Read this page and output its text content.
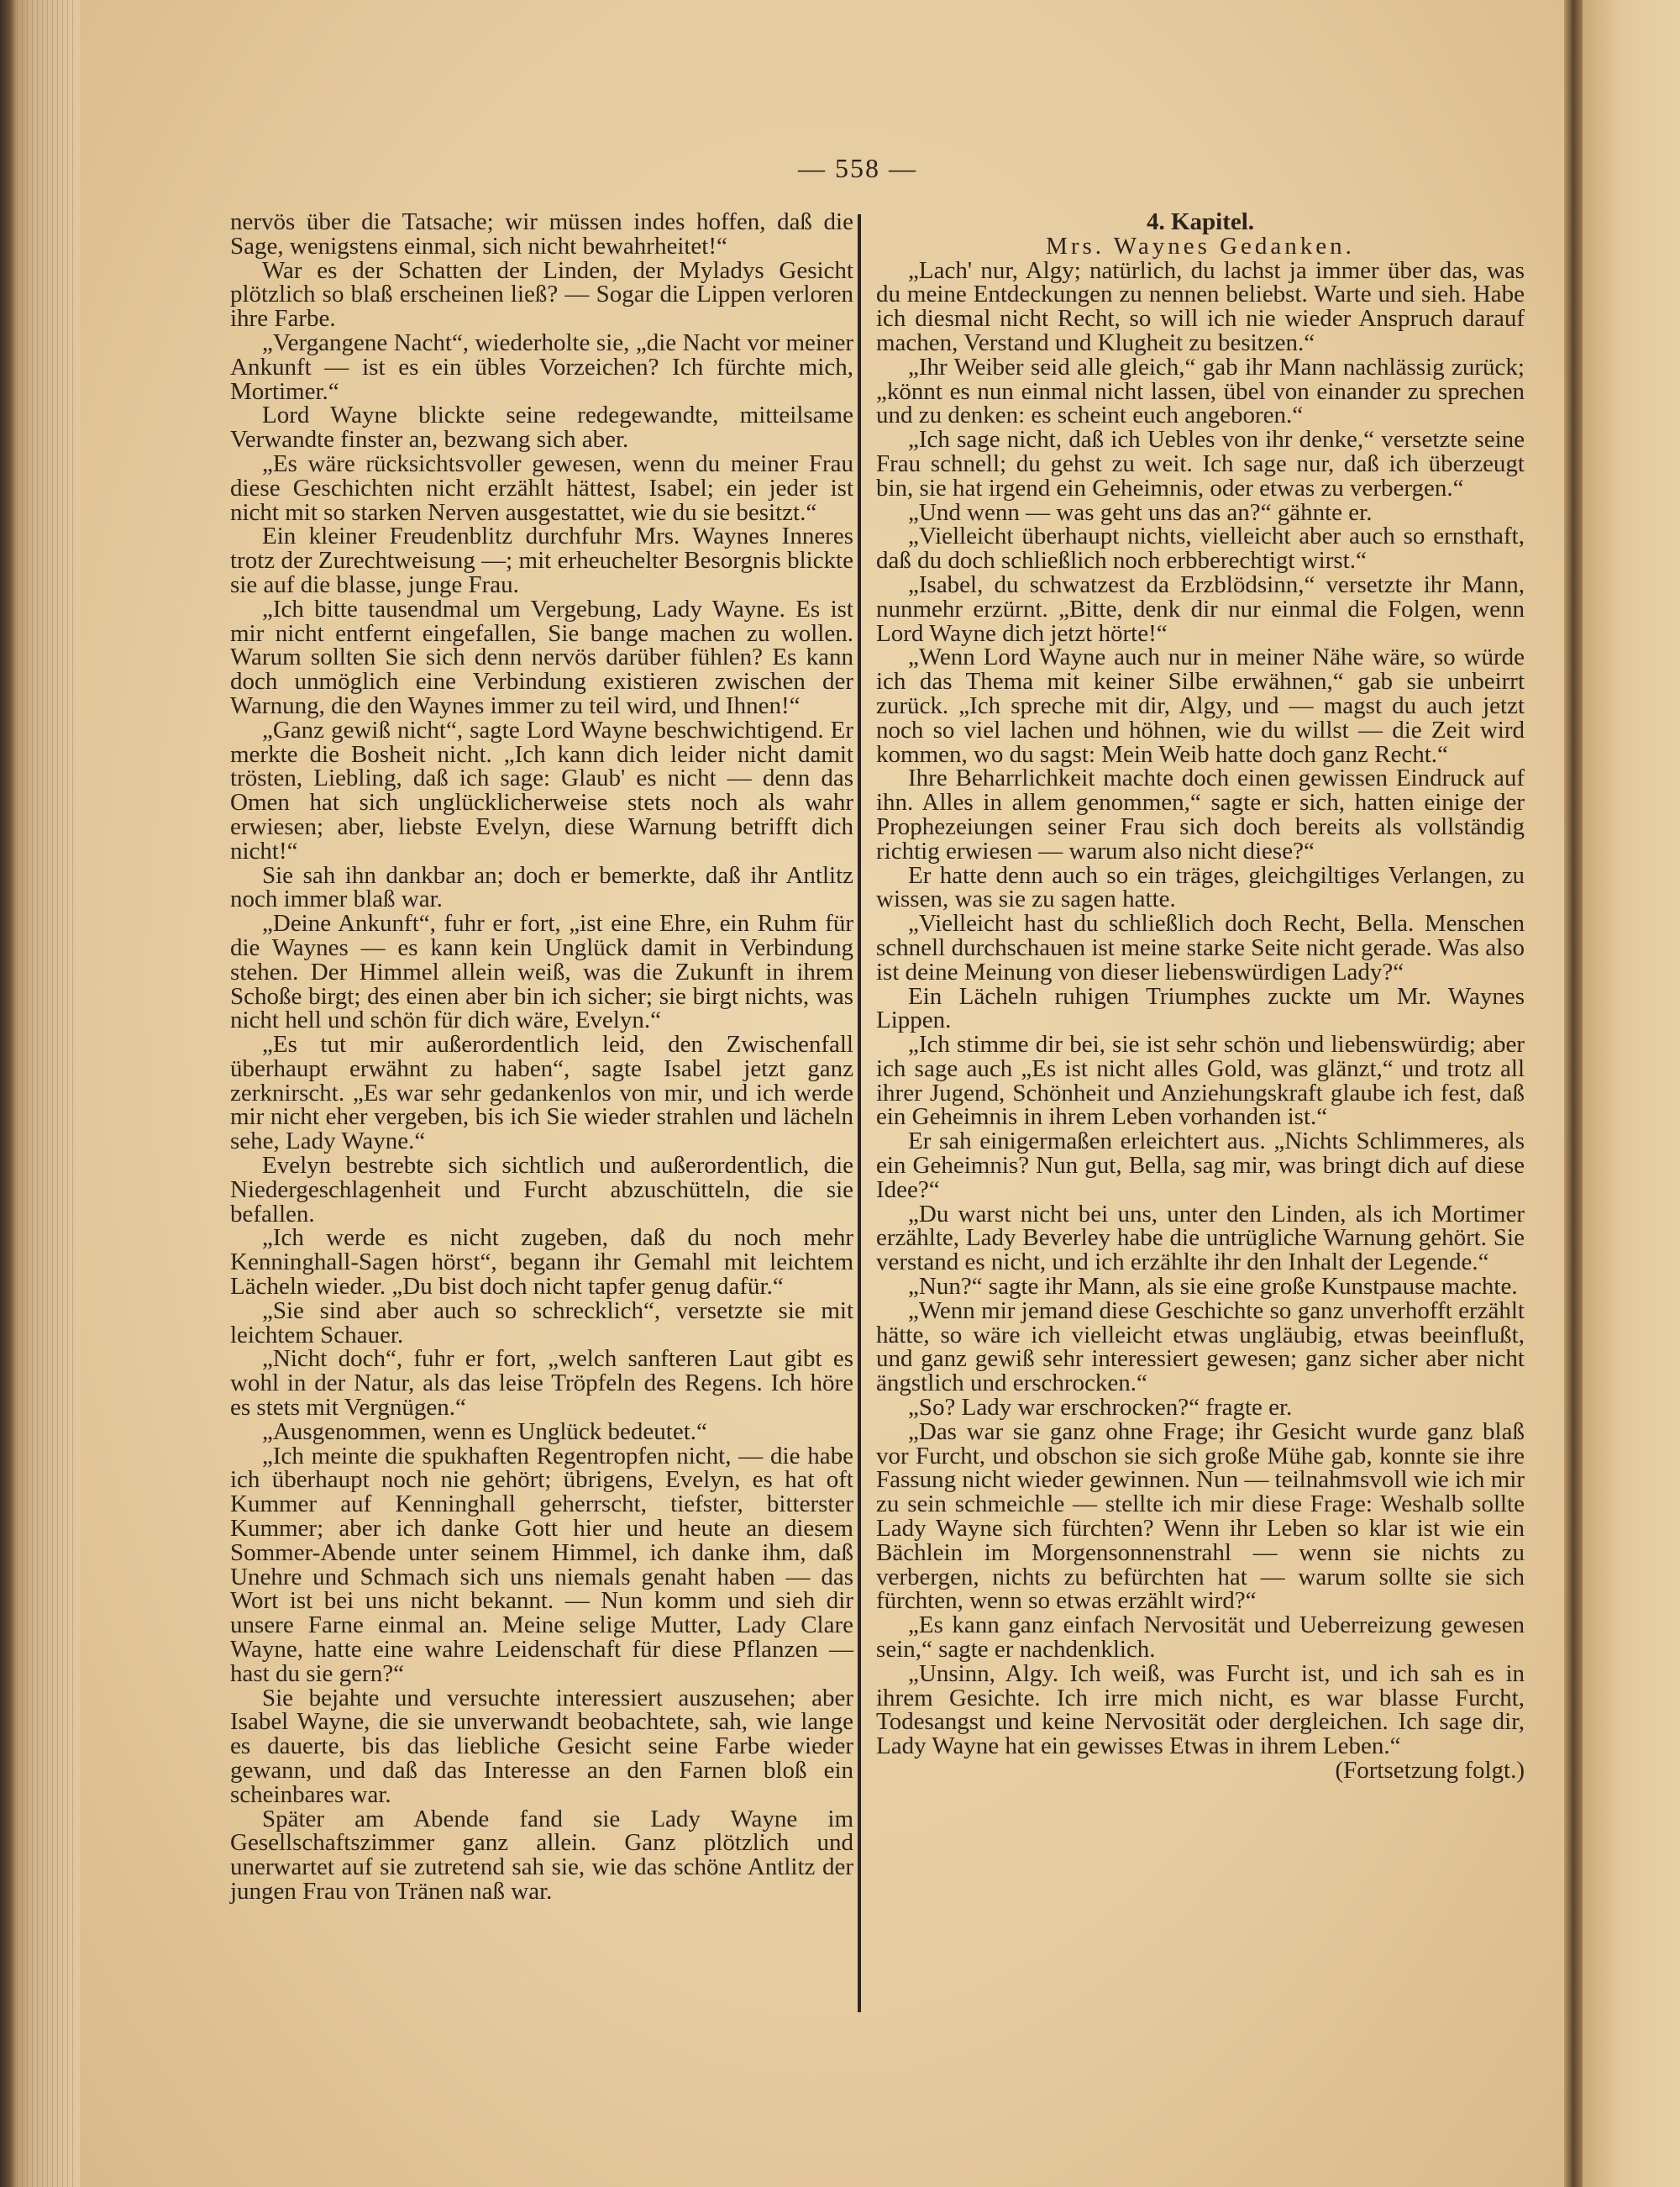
— 558 —

nervös über die Tatsache; wir müssen indes hoffen, daß die Sage, wenigstens einmal, sich nicht bewahrheitet!“

War es der Schatten der Linden, der Myladys Gesicht plötzlich so blaß erscheinen ließ? — Sogar die Lippen verloren ihre Farbe.

„Vergangene Nacht“, wiederholte sie, „die Nacht vor meiner Ankunft — ist es ein übles Vorzeichen? Ich fürchte mich, Mortimer.“

Lord Wayne blickte seine redegewandte, mitteilsame Verwandte finster an, bezwang sich aber.

„Es wäre rücksichtsvoller gewesen, wenn du meiner Frau diese Geschichten nicht erzählt hättest, Isabel; ein jeder ist nicht mit so starken Nerven ausgestattet, wie du sie besitzt.“

Ein kleiner Freudenblitz durchfuhr Mrs. Waynes Inneres trotz der Zurechtweisung —; mit erheuchelter Besorgnis blickte sie auf die blasse, junge Frau.

„Ich bitte tausendmal um Vergebung, Lady Wayne. Es ist mir nicht entfernt eingefallen, Sie bange machen zu wollen. Warum sollten Sie sich denn nervös darüber fühlen? Es kann doch unmöglich eine Verbindung existieren zwischen der Warnung, die den Waynes immer zu teil wird, und Ihnen!“

„Ganz gewiß nicht“, sagte Lord Wayne beschwichtigend. Er merkte die Bosheit nicht. „Ich kann dich leider nicht damit trösten, Liebling, daß ich sage: Glaub' es nicht — denn das Omen hat sich unglücklicherweise stets noch als wahr erwiesen; aber, liebste Evelyn, diese Warnung betrifft dich nicht!“

Sie sah ihn dankbar an; doch er bemerkte, daß ihr Antlitz noch immer blaß war.

„Deine Ankunft“, fuhr er fort, „ist eine Ehre, ein Ruhm für die Waynes — es kann kein Unglück damit in Verbindung stehen. Der Himmel allein weiß, was die Zukunft in ihrem Schoße birgt; des einen aber bin ich sicher; sie birgt nichts, was nicht hell und schön für dich wäre, Evelyn.“

„Es tut mir außerordentlich leid, den Zwischenfall überhaupt erwähnt zu haben“, sagte Isabel jetzt ganz zerknirscht. „Es war sehr gedankenlos von mir, und ich werde mir nicht eher vergeben, bis ich Sie wieder strahlen und lächeln sehe, Lady Wayne.“

Evelyn bestrebte sich sichtlich und außerordentlich, die Niedergeschlagenheit und Furcht abzuschütteln, die sie befallen.

„Ich werde es nicht zugeben, daß du noch mehr Kenninghall-Sagen hörst“, begann ihr Gemahl mit leichtem Lächeln wieder. „Du bist doch nicht tapfer genug dafür.“

„Sie sind aber auch so schrecklich“, versetzte sie mit leichtem Schauer.

„Nicht doch“, fuhr er fort, „welch sanfteren Laut gibt es wohl in der Natur, als das leise Tröpfeln des Regens. Ich höre es stets mit Vergnügen.“

„Ausgenommen, wenn es Unglück bedeutet.“

„Ich meinte die spukhaften Regentropfen nicht, — die habe ich überhaupt noch nie gehört; übrigens, Evelyn, es hat oft Kummer auf Kenninghall geherrscht, tiefster, bitterster Kummer; aber ich danke Gott hier und heute an diesem Sommer-Abende unter seinem Himmel, ich danke ihm, daß Unehre und Schmach sich uns niemals genaht haben — das Wort ist bei uns nicht bekannt. — Nun komm und sieh dir unsere Farne einmal an. Meine selige Mutter, Lady Clare Wayne, hatte eine wahre Leidenschaft für diese Pflanzen — hast du sie gern?“

Sie bejahte und versuchte interessiert auszusehen; aber Isabel Wayne, die sie unverwandt beobachtete, sah, wie lange es dauerte, bis das liebliche Gesicht seine Farbe wieder gewann, und daß das Interesse an den Farnen bloß ein scheinbares war.

Später am Abende fand sie Lady Wayne im Gesellschaftszimmer ganz allein. Ganz plötzlich und unerwartet auf sie zutretend sah sie, wie das schöne Antlitz der jungen Frau von Tränen naß war.

4. Kapitel.

Mrs. Waynes Gedanken.

„Lach' nur, Algy; natürlich, du lachst ja immer über das, was du meine Entdeckungen zu nennen beliebst. Warte und sieh. Habe ich diesmal nicht Recht, so will ich nie wieder Anspruch darauf machen, Verstand und Klugheit zu besitzen.“

„Ihr Weiber seid alle gleich,“ gab ihr Mann nachlässig zurück; „könnt es nun einmal nicht lassen, übel von einander zu sprechen und zu denken: es scheint euch angeboren.“

„Ich sage nicht, daß ich Uebles von ihr denke,“ versetzte seine Frau schnell; du gehst zu weit. Ich sage nur, daß ich überzeugt bin, sie hat irgend ein Geheimnis, oder etwas zu verbergen.“

„Und wenn — was geht uns das an?“ gähnte er.

„Vielleicht überhaupt nichts, vielleicht aber auch so ernsthaft, daß du doch schließlich noch erbberechtigt wirst.“

„Isabel, du schwatzest da Erzblödsinn,“ versetzte ihr Mann, nunmehr erzürnt. „Bitte, denk dir nur einmal die Folgen, wenn Lord Wayne dich jetzt hörte!“

„Wenn Lord Wayne auch nur in meiner Nähe wäre, so würde ich das Thema mit keiner Silbe erwähnen,“ gab sie unbeirrt zurück. „Ich spreche mit dir, Algy, und — magst du auch jetzt noch so viel lachen und höhnen, wie du willst — die Zeit wird kommen, wo du sagst: Mein Weib hatte doch ganz Recht.“

Ihre Beharrlichkeit machte doch einen gewissen Eindruck auf ihn. Alles in allem genommen,“ sagte er sich, hatten einige der Prophezeiungen seiner Frau sich doch bereits als vollständig richtig erwiesen — warum also nicht diese?“

Er hatte denn auch so ein träges, gleichgiltiges Verlangen, zu wissen, was sie zu sagen hatte.

„Vielleicht hast du schließlich doch Recht, Bella. Menschen schnell durchschauen ist meine starke Seite nicht gerade. Was also ist deine Meinung von dieser liebenswürdigen Lady?“

Ein Lächeln ruhigen Triumphes zuckte um Mr. Waynes Lippen.

„Ich stimme dir bei, sie ist sehr schön und liebenswürdig; aber ich sage auch „Es ist nicht alles Gold, was glänzt,“ und trotz all ihrer Jugend, Schönheit und Anziehungskraft glaube ich fest, daß ein Geheimnis in ihrem Leben vorhanden ist.“

Er sah einigermaßen erleichtert aus. „Nichts Schlimmeres, als ein Geheimnis? Nun gut, Bella, sag mir, was bringt dich auf diese Idee?“

„Du warst nicht bei uns, unter den Linden, als ich Mortimer erzählte, Lady Beverley habe die untrügliche Warnung gehört. Sie verstand es nicht, und ich erzählte ihr den Inhalt der Legende.“

„Nun?“ sagte ihr Mann, als sie eine große Kunstpause machte.

„Wenn mir jemand diese Geschichte so ganz unverhofft erzählt hätte, so wäre ich vielleicht etwas ungläubig, etwas beeinflußt, und ganz gewiß sehr interessiert gewesen; ganz sicher aber nicht ängstlich und erschrocken.“

„So? Lady war erschrocken?“ fragte er.

„Das war sie ganz ohne Frage; ihr Gesicht wurde ganz blaß vor Furcht, und obschon sie sich große Mühe gab, konnte sie ihre Fassung nicht wieder gewinnen. Nun — teilnahmsvoll wie ich mir zu sein schmeichle — stellte ich mir diese Frage: Weshalb sollte Lady Wayne sich fürchten? Wenn ihr Leben so klar ist wie ein Bächlein im Morgensonnenstrahl — wenn sie nichts zu verbergen, nichts zu befürchten hat — warum sollte sie sich fürchten, wenn so etwas erzählt wird?“

„Es kann ganz einfach Nervosität und Ueberreizung gewesen sein,“ sagte er nachdenklich.

„Unsinn, Algy. Ich weiß, was Furcht ist, und ich sah es in ihrem Gesichte. Ich irre mich nicht, es war blasse Furcht, Todesangst und keine Nervosität oder dergleichen. Ich sage dir, Lady Wayne hat ein gewisses Etwas in ihrem Leben.“

(Fortsetzung folgt.)
